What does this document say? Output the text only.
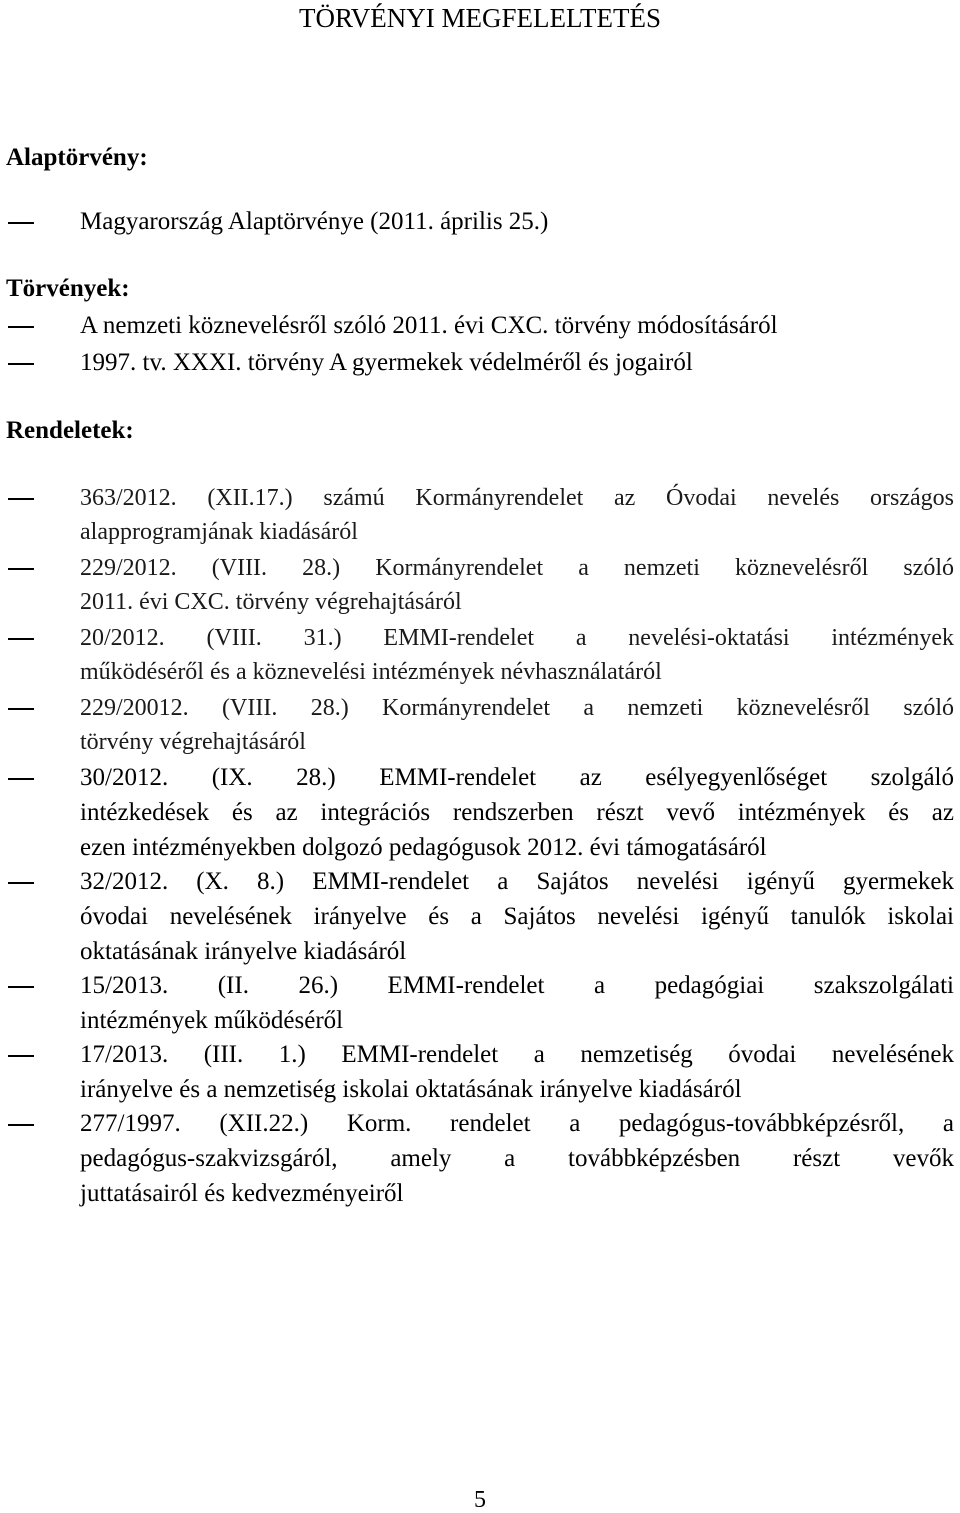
TÖRVÉNYI MEGFELELTETÉS
Alaptörvény:
Magyarország Alaptörvénye (2011. április 25.)
Törvények:
A nemzeti köznevelésről szóló 2011. évi CXC. törvény módosításáról
1997. tv. XXXI. törvény A gyermekek védelméről és jogairól
Rendeletek:
363/2012. (XII.17.) számú Kormányrendelet az Óvodai nevelés országos
alapprogramjának kiadásáról
229/2012. (VIII. 28.) Kormányrendelet a nemzeti köznevelésről szóló
2011. évi CXC. törvény végrehajtásáról
20/2012. (VIII. 31.) EMMI-rendelet a nevelési-oktatási intézmények
működéséről és a köznevelési intézmények névhasználatáról
229/20012. (VIII. 28.) Kormányrendelet a nemzeti köznevelésről szóló
törvény végrehajtásáról
30/2012. (IX. 28.) EMMI-rendelet az esélyegyenlőséget szolgáló
intézkedések és az integrációs rendszerben részt vevő intézmények és az
ezen intézményekben dolgozó pedagógusok 2012. évi támogatásáról
32/2012. (X. 8.) EMMI-rendelet a Sajátos nevelési igényű gyermekek
óvodai nevelésének irányelve és a Sajátos nevelési igényű tanulók iskolai
oktatásának irányelve kiadásáról
15/2013. (II. 26.) EMMI-rendelet a pedagógiai szakszolgálati
intézmények működéséről
17/2013. (III. 1.) EMMI-rendelet a nemzetiség óvodai nevelésének
irányelve és a nemzetiség iskolai oktatásának irányelve kiadásáról
277/1997. (XII.22.) Korm. rendelet a pedagógus-továbbképzésről, a
pedagógus-szakvizsgáról, amely a továbbképzésben részt vevők
juttatásairól és kedvezményeiről
5
